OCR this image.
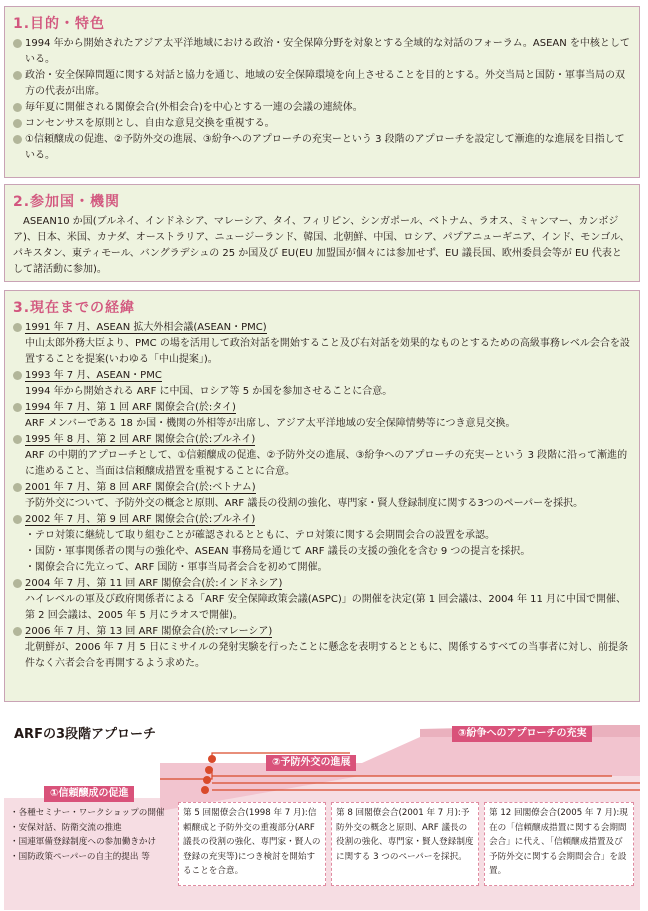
1.目的・特色
1994 年から開始されたアジア太平洋地域における政治・安全保障分野を対象とする全域的な対話のフォーラム。ASEAN を中核としている。
政治・安全保障問題に関する対話と協力を通じ、地域の安全保障環境を向上させることを目的とする。外交当局と国防・軍事当局の双方の代表が出席。
毎年夏に開催される閣僚会合(外相会合)を中心とする一連の会議の連続体。
コンセンサスを原則とし、自由な意見交換を重視する。
①信頼醸成の促進、②予防外交の進展、③紛争へのアプローチの充実ーという 3 段階のアプローチを設定して漸進的な進展を目指している。
2.参加国・機関
ASEAN10 か国(ブルネイ、インドネシア、マレーシア、タイ、フィリピン、シンガポール、ベトナム、ラオス、ミャンマー、カンボジア)、日本、米国、カナダ、オーストラリア、ニュージーランド、韓国、北朝鮮、中国、ロシア、パプアニューギニア、インド、モンゴル、パキスタン、東ティモール、バングラデシュの 25 か国及び EU(EU 加盟国が個々には参加せず、EU 議長国、欧州委員会等が EU 代表として諸活動に参加)。
3.現在までの経緯
1991 年 7 月、ASEAN 拡大外相会議(ASEAN・PMC)
中山太郎外務大臣より、PMC の場を活用して政治対話を開始すること及び右対話を効果的なものとするための高級事務レベル会合を設置することを提案(いわゆる「中山提案」)。
1993 年 7 月、ASEAN・PMC
1994 年から開始される ARF に中国、ロシア等 5 か国を参加させることに合意。
1994 年 7 月、第 1 回 ARF 閣僚会合(於:タイ)
ARF メンバーである 18 か国・機関の外相等が出席し、アジア太平洋地域の安全保障情勢等につき意見交換。
1995 年 8 月、第 2 回 ARF 閣僚会合(於:ブルネイ)
ARF の中期的アプローチとして、①信頼醸成の促進、②予防外交の進展、③紛争へのアプローチの充実ーという 3 段階に沿って漸進的に進めること、当面は信頼醸成措置を重視することに合意。
2001 年 7 月、第 8 回 ARF 閣僚会合(於:ベトナム)
予防外交について、予防外交の概念と原則、ARF 議長の役割の強化、専門家・賢人登録制度に関する3つのペーパーを採択。
2002 年 7 月、第 9 回 ARF 閣僚会合(於:ブルネイ)
・テロ対策に継続して取り組むことが確認されるとともに、テロ対策に関する会期間会合の設置を承認。
・国防・軍事関係者の関与の強化や、ASEAN 事務局を通じて ARF 議長の支援の強化を含む 9 つの提言を採択。
・閣僚会合に先立って、ARF 国防・軍事当局者会合を初めて開催。
2004 年 7 月、第 11 回 ARF 閣僚会合(於:インドネシア)
ハイレベルの軍及び政府関係者による「ARF 安全保障政策会議(ASPC)」の開催を決定(第 1 回会議は、2004 年 11 月に中国で開催、第 2 回会議は、2005 年 5 月にラオスで開催)。
2006 年 7 月、第 13 回 ARF 閣僚会合(於:マレーシア)
北朝鮮が、2006 年 7 月 5 日にミサイルの発射実験を行ったことに懸念を表明するとともに、関係するすべての当事者に対し、前提条件なく六者会合を再開するよう求めた。
ARFの3段階アプローチ	③紛争へのアプローチの充実
②予防外交の進展
①信頼醸成の促進
・各種セミナー・ワークショップの開催
・安保対話、防衛交流の推進
・国連軍備登録制度への参加働きかけ
・国防政策ペーパーの自主的提出 等
第 5 回閣僚会合(1998 年 7 月):信頼醸成と予防外交の重複部分(ARF 議長の役割の強化、専門家・賢人の登録の充実等)につき検討を開始することを合意。
第 8 回閣僚会合(2001 年 7 月):予防外交の概念と原則、ARF 議長の役割の強化、専門家・賢人登録制度に関する 3 つのペーパーを採択。
第 12 回閣僚会合(2005 年 7 月):現在の「信頼醸成措置に関する会期間会合」に代え、「信頼醸成措置及び予防外交に関する会期間会合」を設置。
